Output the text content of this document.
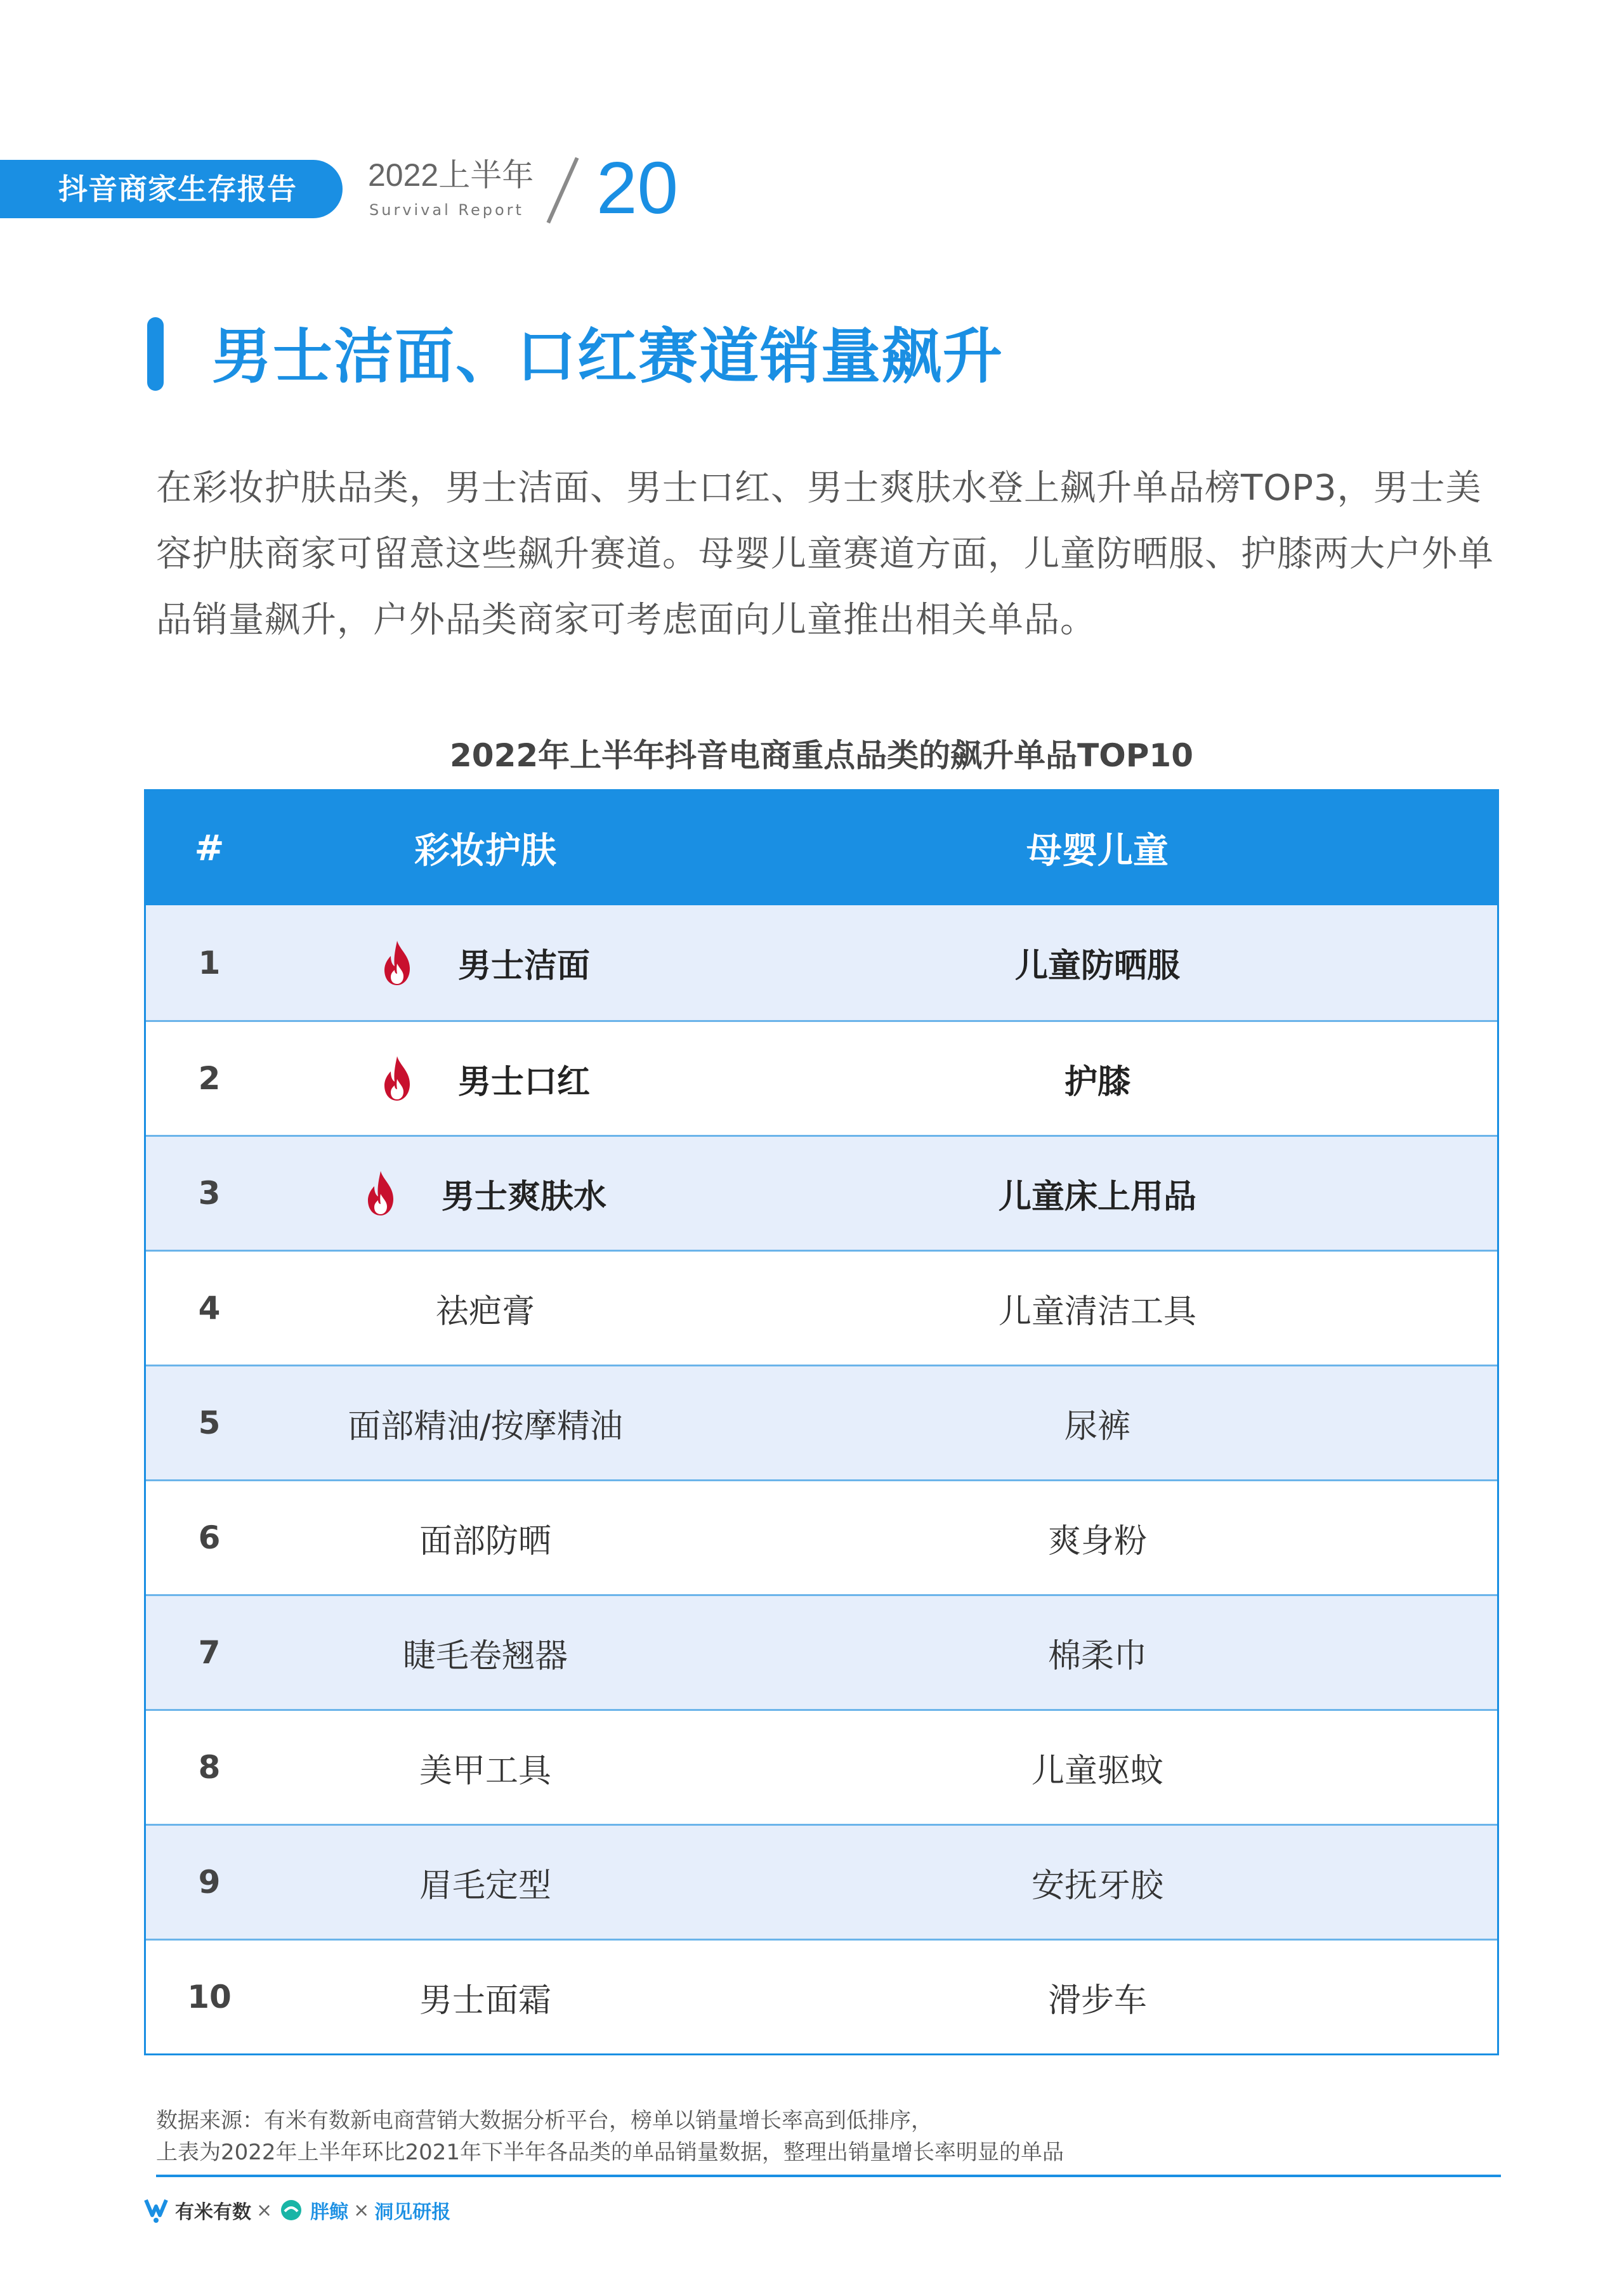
抖音商家生存报告 2022上半年
Survival Report 20
男士洁面、口红赛道销量飙升
在彩妆护肤品类，男士洁面、男士口红、男士爽肤水登上飙升单品榜TOP3，男士美容护肤商家可留意这些飙升赛道。母婴儿童赛道方面，儿童防晒服、护膝两大户外单品销量飙升，户外品类商家可考虑面向儿童推出相关单品。
2022年上半年抖音电商重点品类的飙升单品TOP10
#	彩妆护肤	母婴儿童
1	男士洁面	儿童防晒服
2	男士口红	护膝
3	男士爽肤水	儿童床上用品
4	祛疤膏	儿童清洁工具
5	面部精油/按摩精油	尿裤
6	面部防晒	爽身粉
7	睫毛卷翘器	棉柔巾
8	美甲工具	儿童驱蚊
9	眉毛定型	安抚牙胶
10	男士面霜	滑步车
数据来源：有米有数新电商营销大数据分析平台，榜单以销量增长率高到低排序，
上表为2022年上半年环比2021年下半年各品类的单品销量数据，整理出销量增长率明显的单品
有米有数 × 胖鲸 × 洞见研报
